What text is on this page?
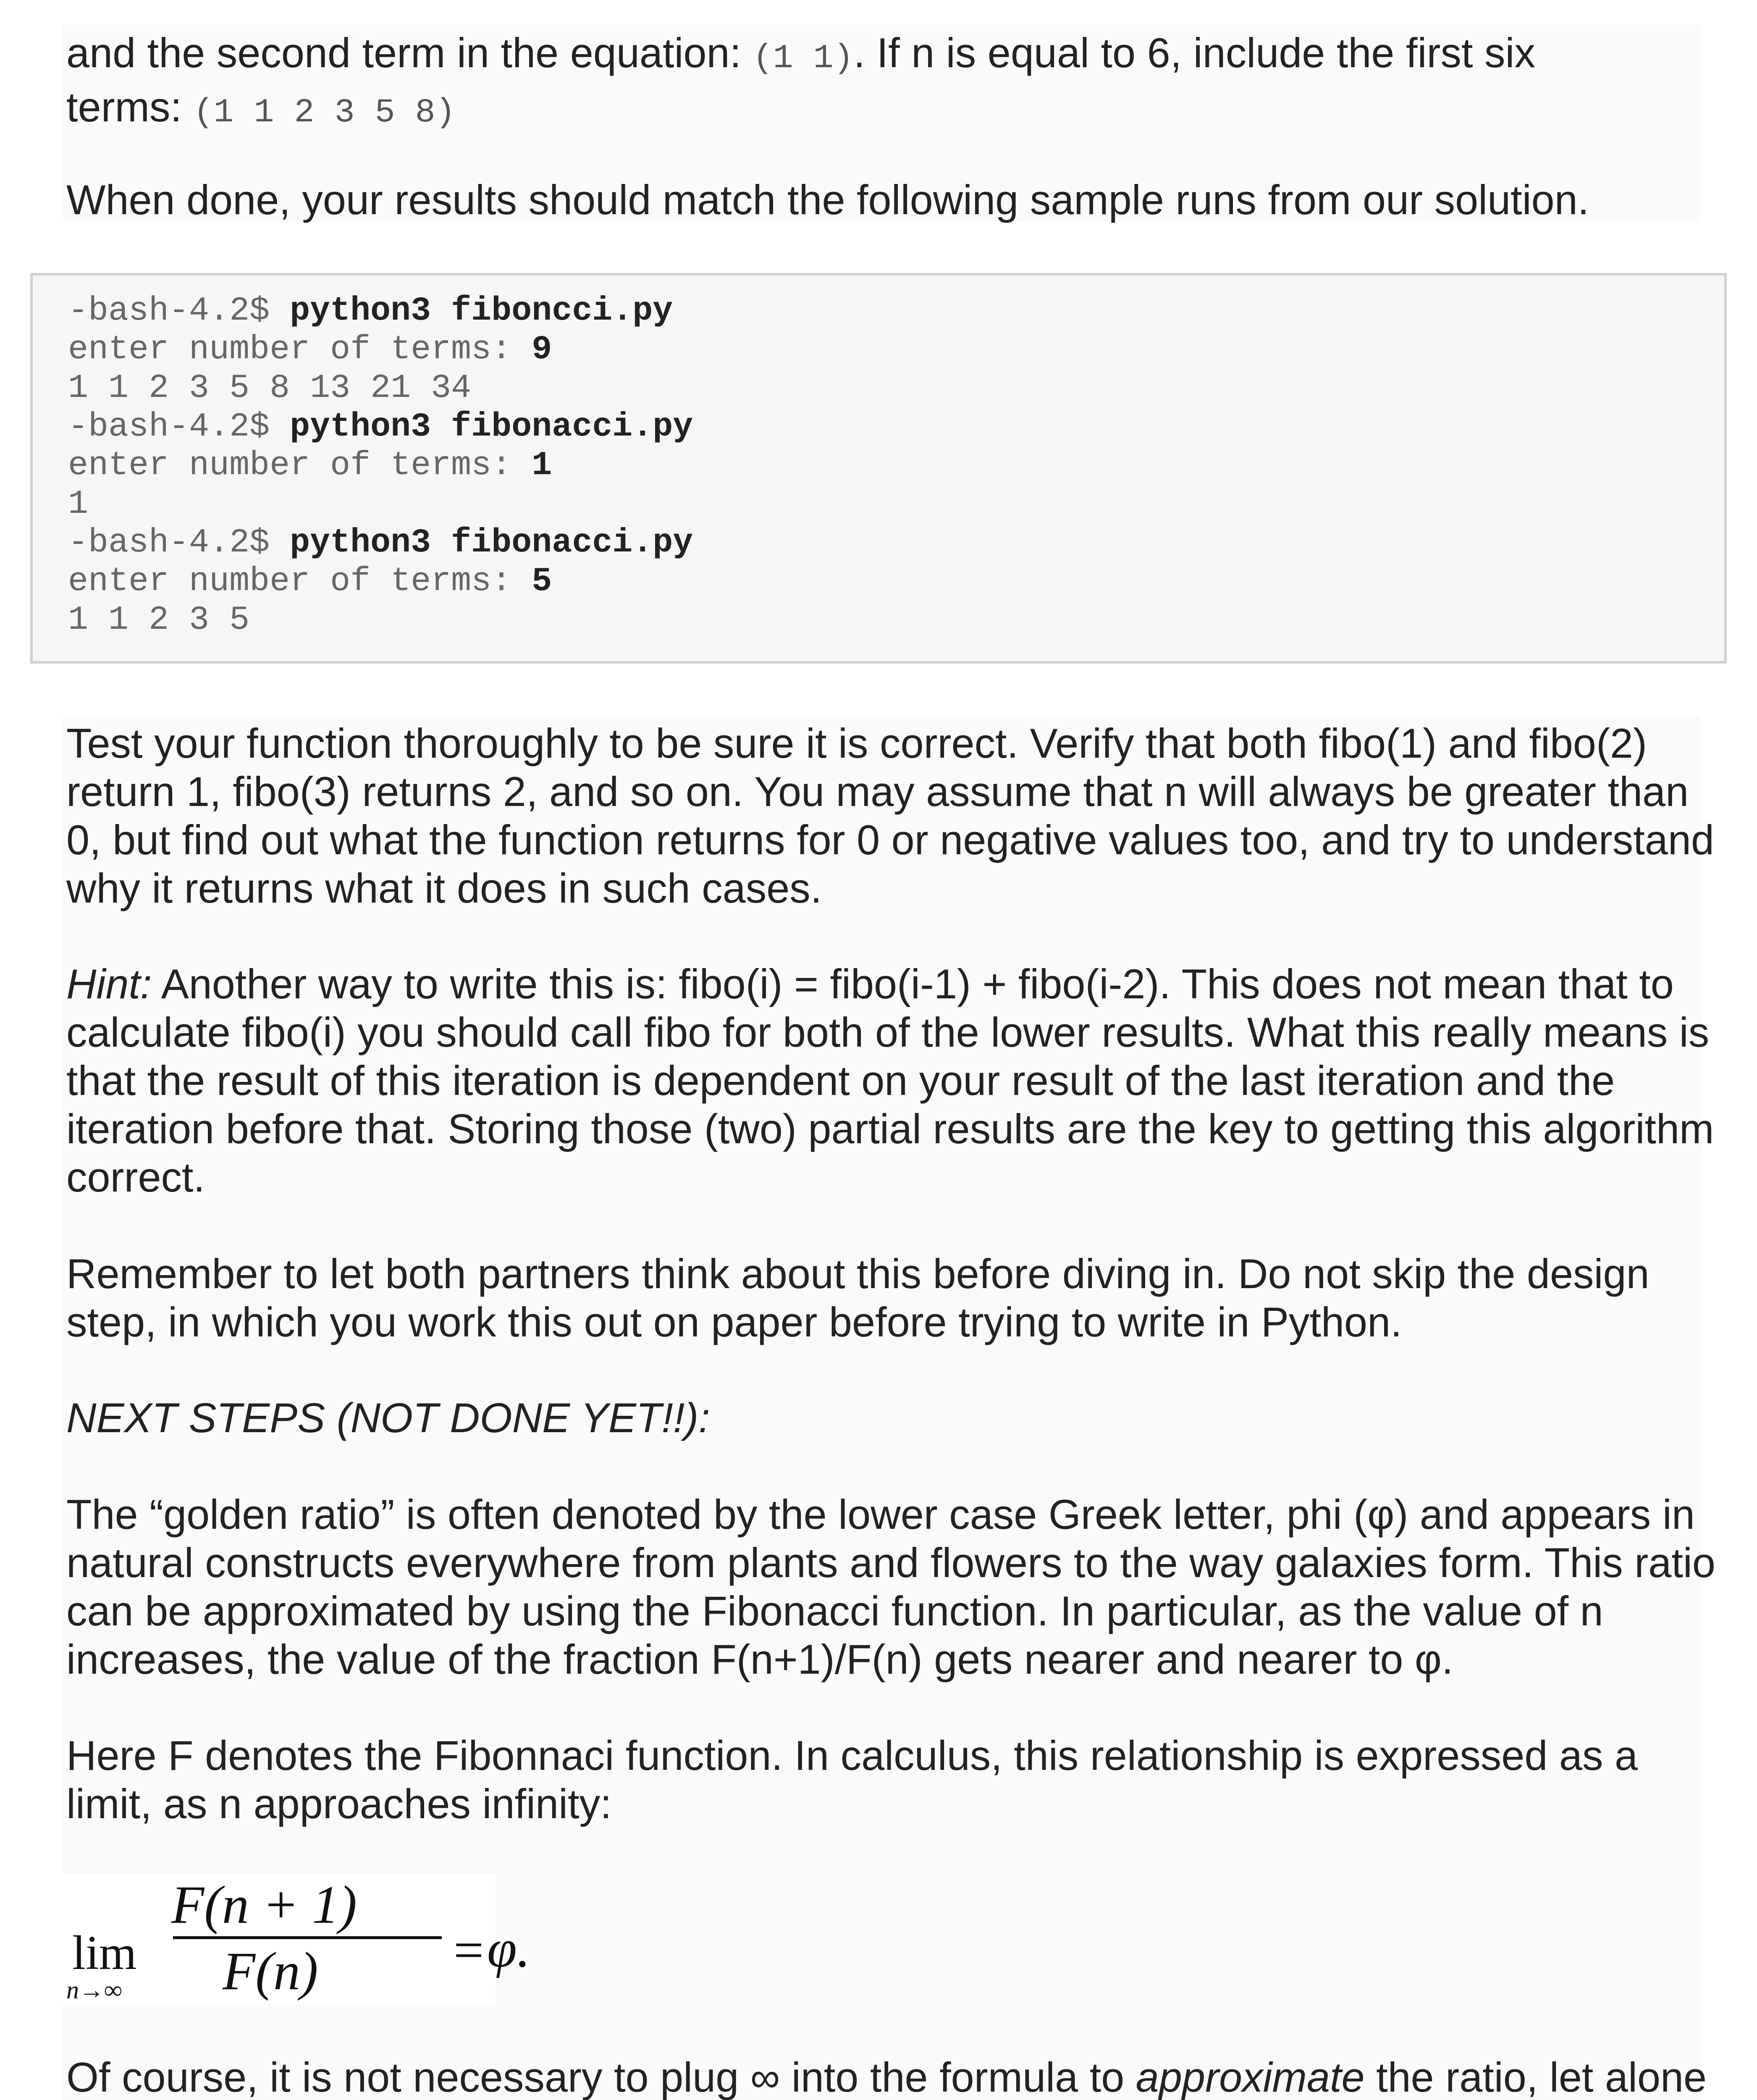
and the second term in the equation: (1 1). If n is equal to 6, include the first six
terms: (1 1 2 3 5 8)

When done, your results should match the following sample runs from our solution.

-bash-4.2$ python3 fiboncci.py
enter number of terms: 9
1 1 2 3 5 8 13 21 34
-bash-4.2$ python3 fibonacci.py
enter number of terms: 1
1
-bash-4.2$ python3 fibonacci.py
enter number of terms: 5
1 1 2 3 5

Test your function thoroughly to be sure it is correct. Verify that both fibo(1) and fibo(2) return 1, fibo(3) returns 2, and so on. You may assume that n will always be greater than 0, but find out what the function returns for 0 or negative values too, and try to understand why it returns what it does in such cases.

Hint: Another way to write this is: fibo(i) = fibo(i-1) + fibo(i-2). This does not mean that to calculate fibo(i) you should call fibo for both of the lower results. What this really means is that the result of this iteration is dependent on your result of the last iteration and the iteration before that. Storing those (two) partial results are the key to getting this algorithm correct.

Remember to let both partners think about this before diving in. Do not skip the design step, in which you work this out on paper before trying to write in Python.

NEXT STEPS (NOT DONE YET!!):

The “golden ratio” is often denoted by the lower case Greek letter, phi (φ) and appears in natural constructs everywhere from plants and flowers to the way galaxies form. This ratio can be approximated by using the Fibonacci function. In particular, as the value of n increases, the value of the fraction F(n+1)/F(n) gets nearer and nearer to φ.

Here F denotes the Fibonnaci function. In calculus, this relationship is expressed as a limit, as n approaches infinity:

lim
n→∞
F(n + 1)
F(n)	= φ.

Of course, it is not necessary to plug ∞ into the formula to approximate the ratio, let alone
